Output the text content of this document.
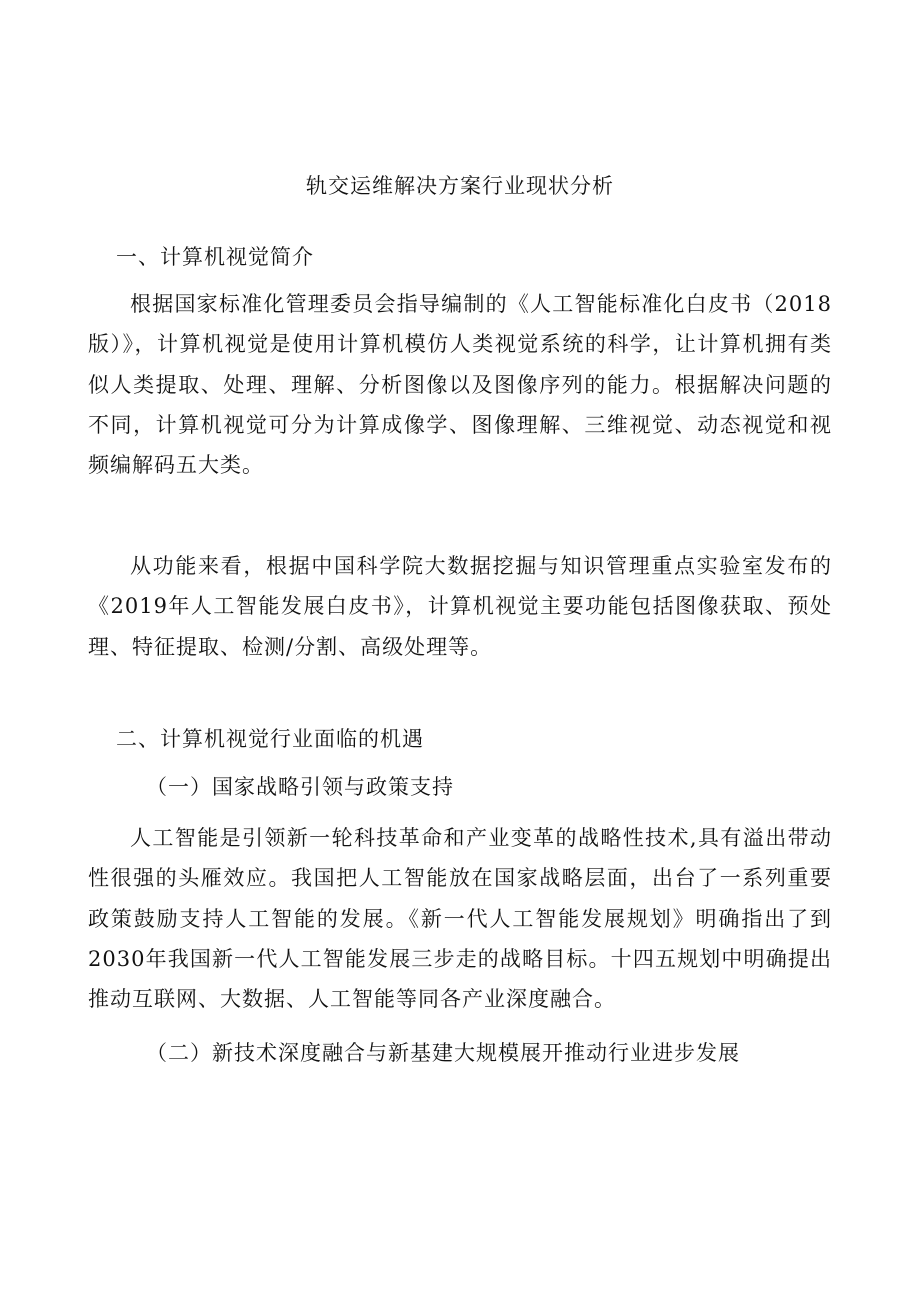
轨交运维解决方案行业现状分析
一、计算机视觉简介

根据国家标准化管理委员会指导编制的《人工智能标准化白皮书（2018版）》，计算机视觉是使用计算机模仿人类视觉系统的科学，让计算机拥有类似人类提取、处理、理解、分析图像以及图像序列的能力。根据解决问题的不同，计算机视觉可分为计算成像学、图像理解、三维视觉、动态视觉和视频编解码五大类。

从功能来看，根据中国科学院大数据挖掘与知识管理重点实验室发布的《2019年人工智能发展白皮书》，计算机视觉主要功能包括图像获取、预处理、特征提取、检测/分割、高级处理等。

二、计算机视觉行业面临的机遇
（一）国家战略引领与政策支持

人工智能是引领新一轮科技革命和产业变革的战略性技术,具有溢出带动性很强的头雁效应。我国把人工智能放在国家战略层面，出台了一系列重要政策鼓励支持人工智能的发展。《新一代人工智能发展规划》明确指出了到2030年我国新一代人工智能发展三步走的战略目标。十四五规划中明确提出推动互联网、大数据、人工智能等同各产业深度融合。

（二）新技术深度融合与新基建大规模展开推动行业进步发展
